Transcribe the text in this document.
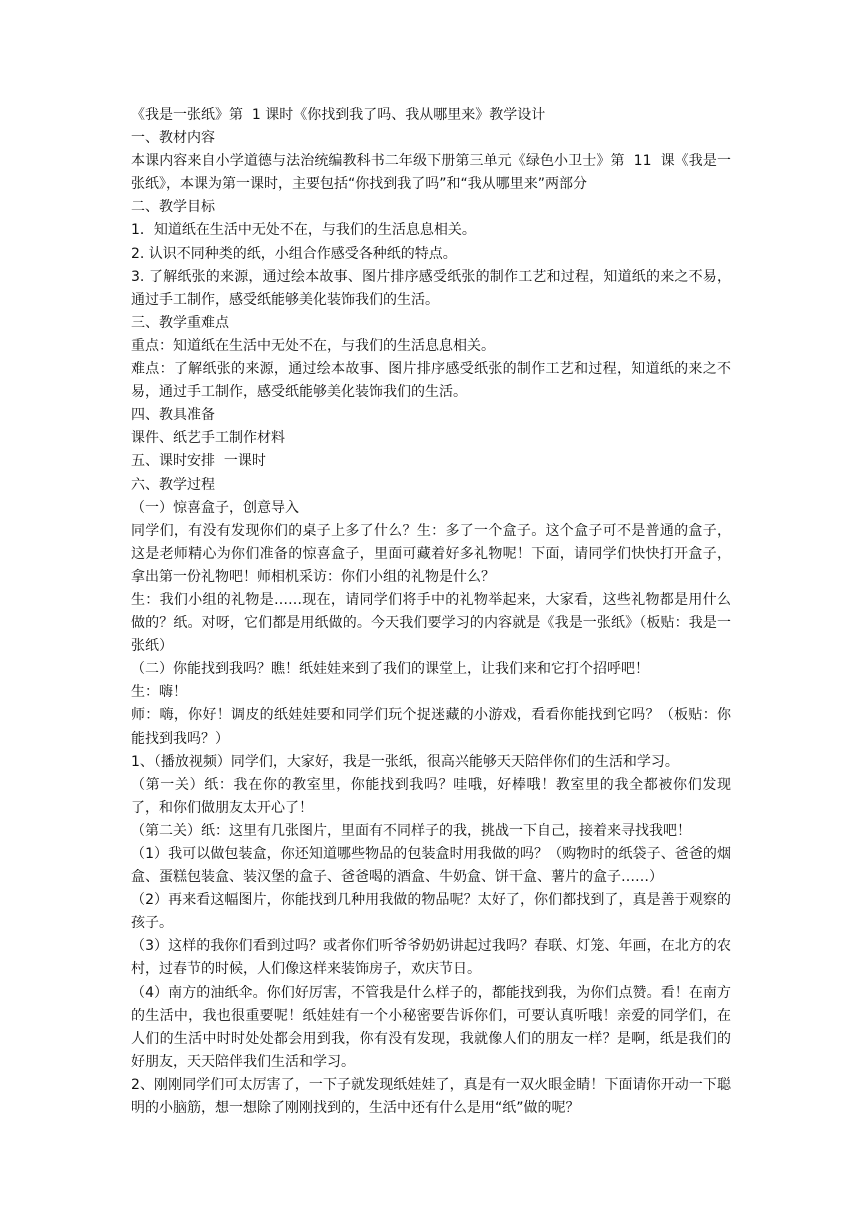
《我是一张纸》第  1 课时《你找到我了吗、我从哪里来》教学设计

一、教材内容

本课内容来自小学道德与法治统编教科书二年级下册第三单元《绿色小卫士》第  11  课《我是一张纸》，本课为第一课时，主要包括“你找到我了吗”和“我从哪里来”两部分

二、教学目标

1．知道纸在生活中无处不在，与我们的生活息息相关。

2. 认识不同种类的纸，小组合作感受各种纸的特点。

3. 了解纸张的来源，通过绘本故事、图片排序感受纸张的制作工艺和过程，知道纸的来之不易，通过手工制作，感受纸能够美化装饰我们的生活。

三、教学重难点

重点：知道纸在生活中无处不在，与我们的生活息息相关。

难点：了解纸张的来源，通过绘本故事、图片排序感受纸张的制作工艺和过程，知道纸的来之不易，通过手工制作，感受纸能够美化装饰我们的生活。

四、教具准备

课件、纸艺手工制作材料

五、课时安排  一课时

六、教学过程

（一）惊喜盒子，创意导入

同学们，有没有发现你们的桌子上多了什么？生：多了一个盒子。这个盒子可不是普通的盒子，这是老师精心为你们准备的惊喜盒子，里面可藏着好多礼物呢！下面，请同学们快快打开盒子，拿出第一份礼物吧！师相机采访：你们小组的礼物是什么？

生：我们小组的礼物是……现在，请同学们将手中的礼物举起来，大家看，这些礼物都是用什么做的？纸。对呀，它们都是用纸做的。今天我们要学习的内容就是《我是一张纸》（板贴：我是一张纸）

（二）你能找到我吗？瞧！纸娃娃来到了我们的课堂上，让我们来和它打个招呼吧！

生：嗨！

师：嗨，你好！调皮的纸娃娃要和同学们玩个捉迷藏的小游戏，看看你能找到它吗？（板贴：你能找到我吗？）

1、（播放视频）同学们，大家好，我是一张纸，很高兴能够天天陪伴你们的生活和学习。

（第一关）纸：我在你的教室里，你能找到我吗？哇哦，好棒哦！教室里的我全都被你们发现了，和你们做朋友太开心了！

（第二关）纸：这里有几张图片，里面有不同样子的我，挑战一下自己，接着来寻找我吧！

（1）我可以做包装盒，你还知道哪些物品的包装盒时用我做的吗？（购物时的纸袋子、爸爸的烟盒、蛋糕包装盒、装汉堡的盒子、爸爸喝的酒盒、牛奶盒、饼干盒、薯片的盒子……）

（2）再来看这幅图片，你能找到几种用我做的物品呢？太好了，你们都找到了，真是善于观察的孩子。

（3）这样的我你们看到过吗？或者你们听爷爷奶奶讲起过我吗？春联、灯笼、年画，在北方的农村，过春节的时候，人们像这样来装饰房子，欢庆节日。

（4）南方的油纸伞。你们好厉害，不管我是什么样子的，都能找到我，为你们点赞。看！在南方的生活中，我也很重要呢！纸娃娃有一个小秘密要告诉你们，可要认真听哦！亲爱的同学们，在人们的生活中时时处处都会用到我，你有没有发现，我就像人们的朋友一样？是啊，纸是我们的好朋友，天天陪伴我们生活和学习。

2、刚刚同学们可太厉害了，一下子就发现纸娃娃了，真是有一双火眼金睛！下面请你开动一下聪明的小脑筋，想一想除了刚刚找到的，生活中还有什么是用“纸”做的呢？
